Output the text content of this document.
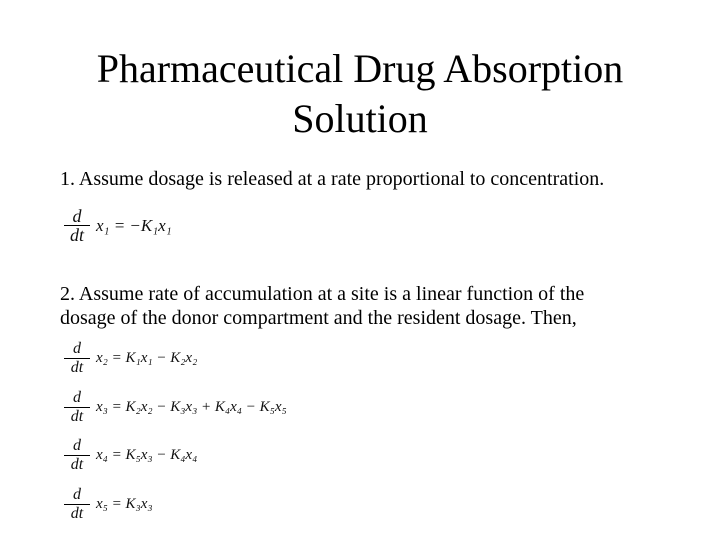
Pharmaceutical Drug Absorption
Solution
1. Assume dosage is released at a rate proportional to concentration.
$\frac{d}{dt} x_1 = -K_1x_1$
2. Assume rate of accumulation at a site is a linear function of the
dosage of the donor compartment and the resident dosage. Then,
$\frac{d}{dt} x_2 = K_1x_1 - K_2x_2$
$\frac{d}{dt} x_3 = K_2x_2 - K_3x_3 + K_4x_4 - K_5x_5$
$\frac{d}{dt} x_4 = K_5x_3 - K_4x_4$
$\frac{d}{dt} x_5 = K_3x_3$
